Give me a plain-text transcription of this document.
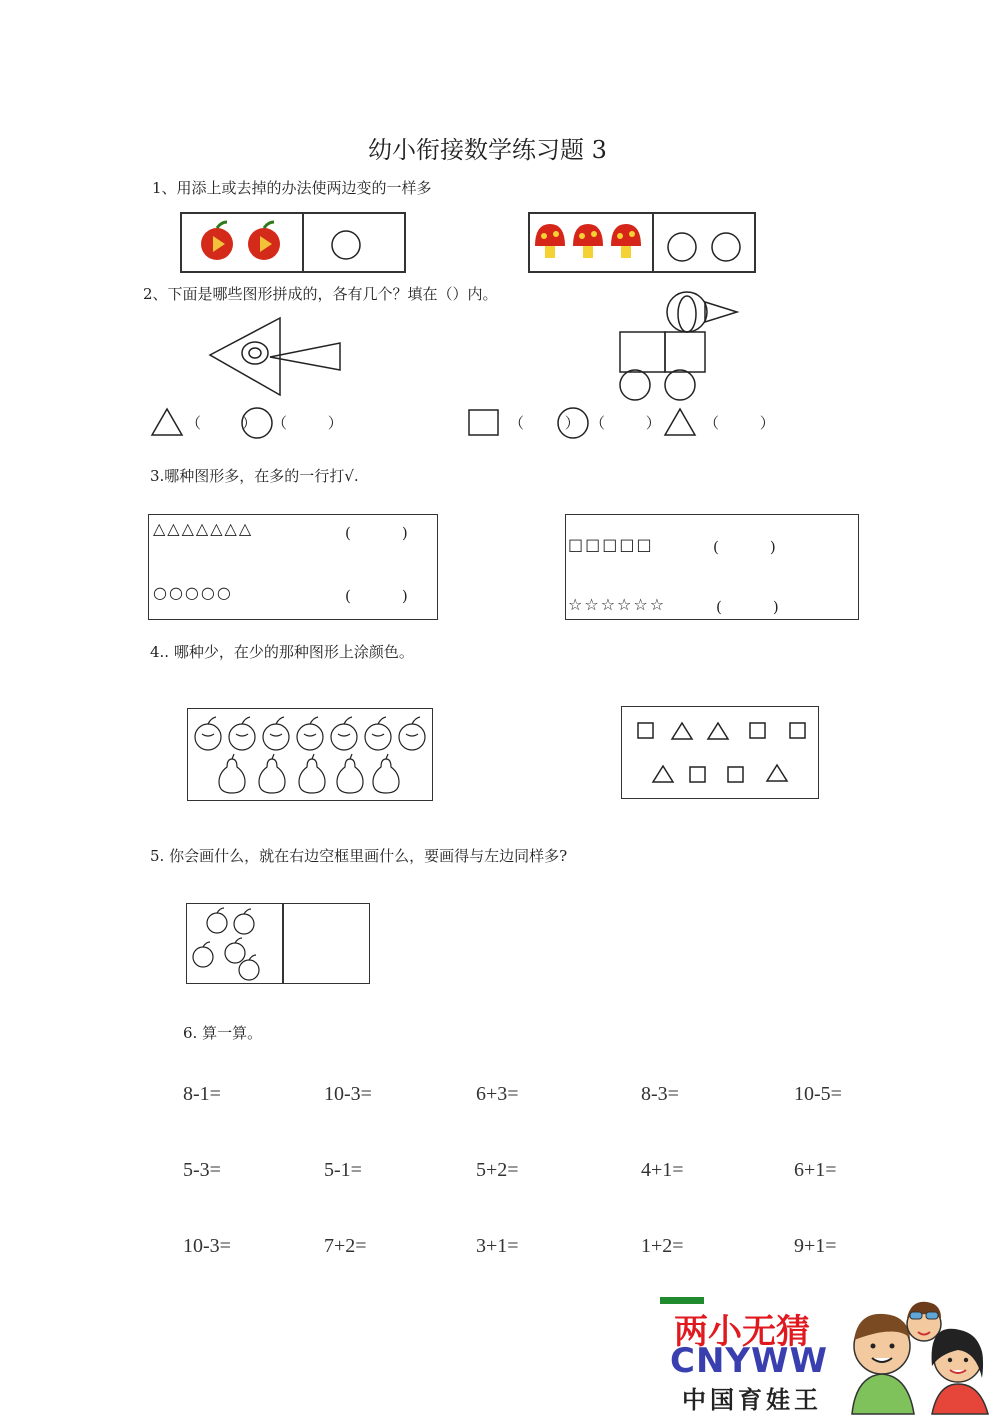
幼小衔接数学练习题 3
1、用添上或去掉的办法使两边变的一样多
2、下面是哪些图形拼成的，各有几个？填在（）内。
（ ）
（ ）	（ ）
（ ） （ ）
3.哪种图形多，在多的一行打√.
△△△△△△△	(　)
○○○○○	(　)
□□□□□	(　)
☆☆☆☆☆☆	(　)
4.. 哪种少，在少的那种图形上涂颜色。
5. 你会画什么，就在右边空框里画什么，要画得与左边同样多?
6. 算一算。
8-1=	10-3=	6+3=	8-3=	10-5=
5-3=	5-1=	5+2=	4+1=	6+1=
10-3=	7+2=	3+1=	1+2=	9+1=
两小无猜
CNYWW
中国育娃王
